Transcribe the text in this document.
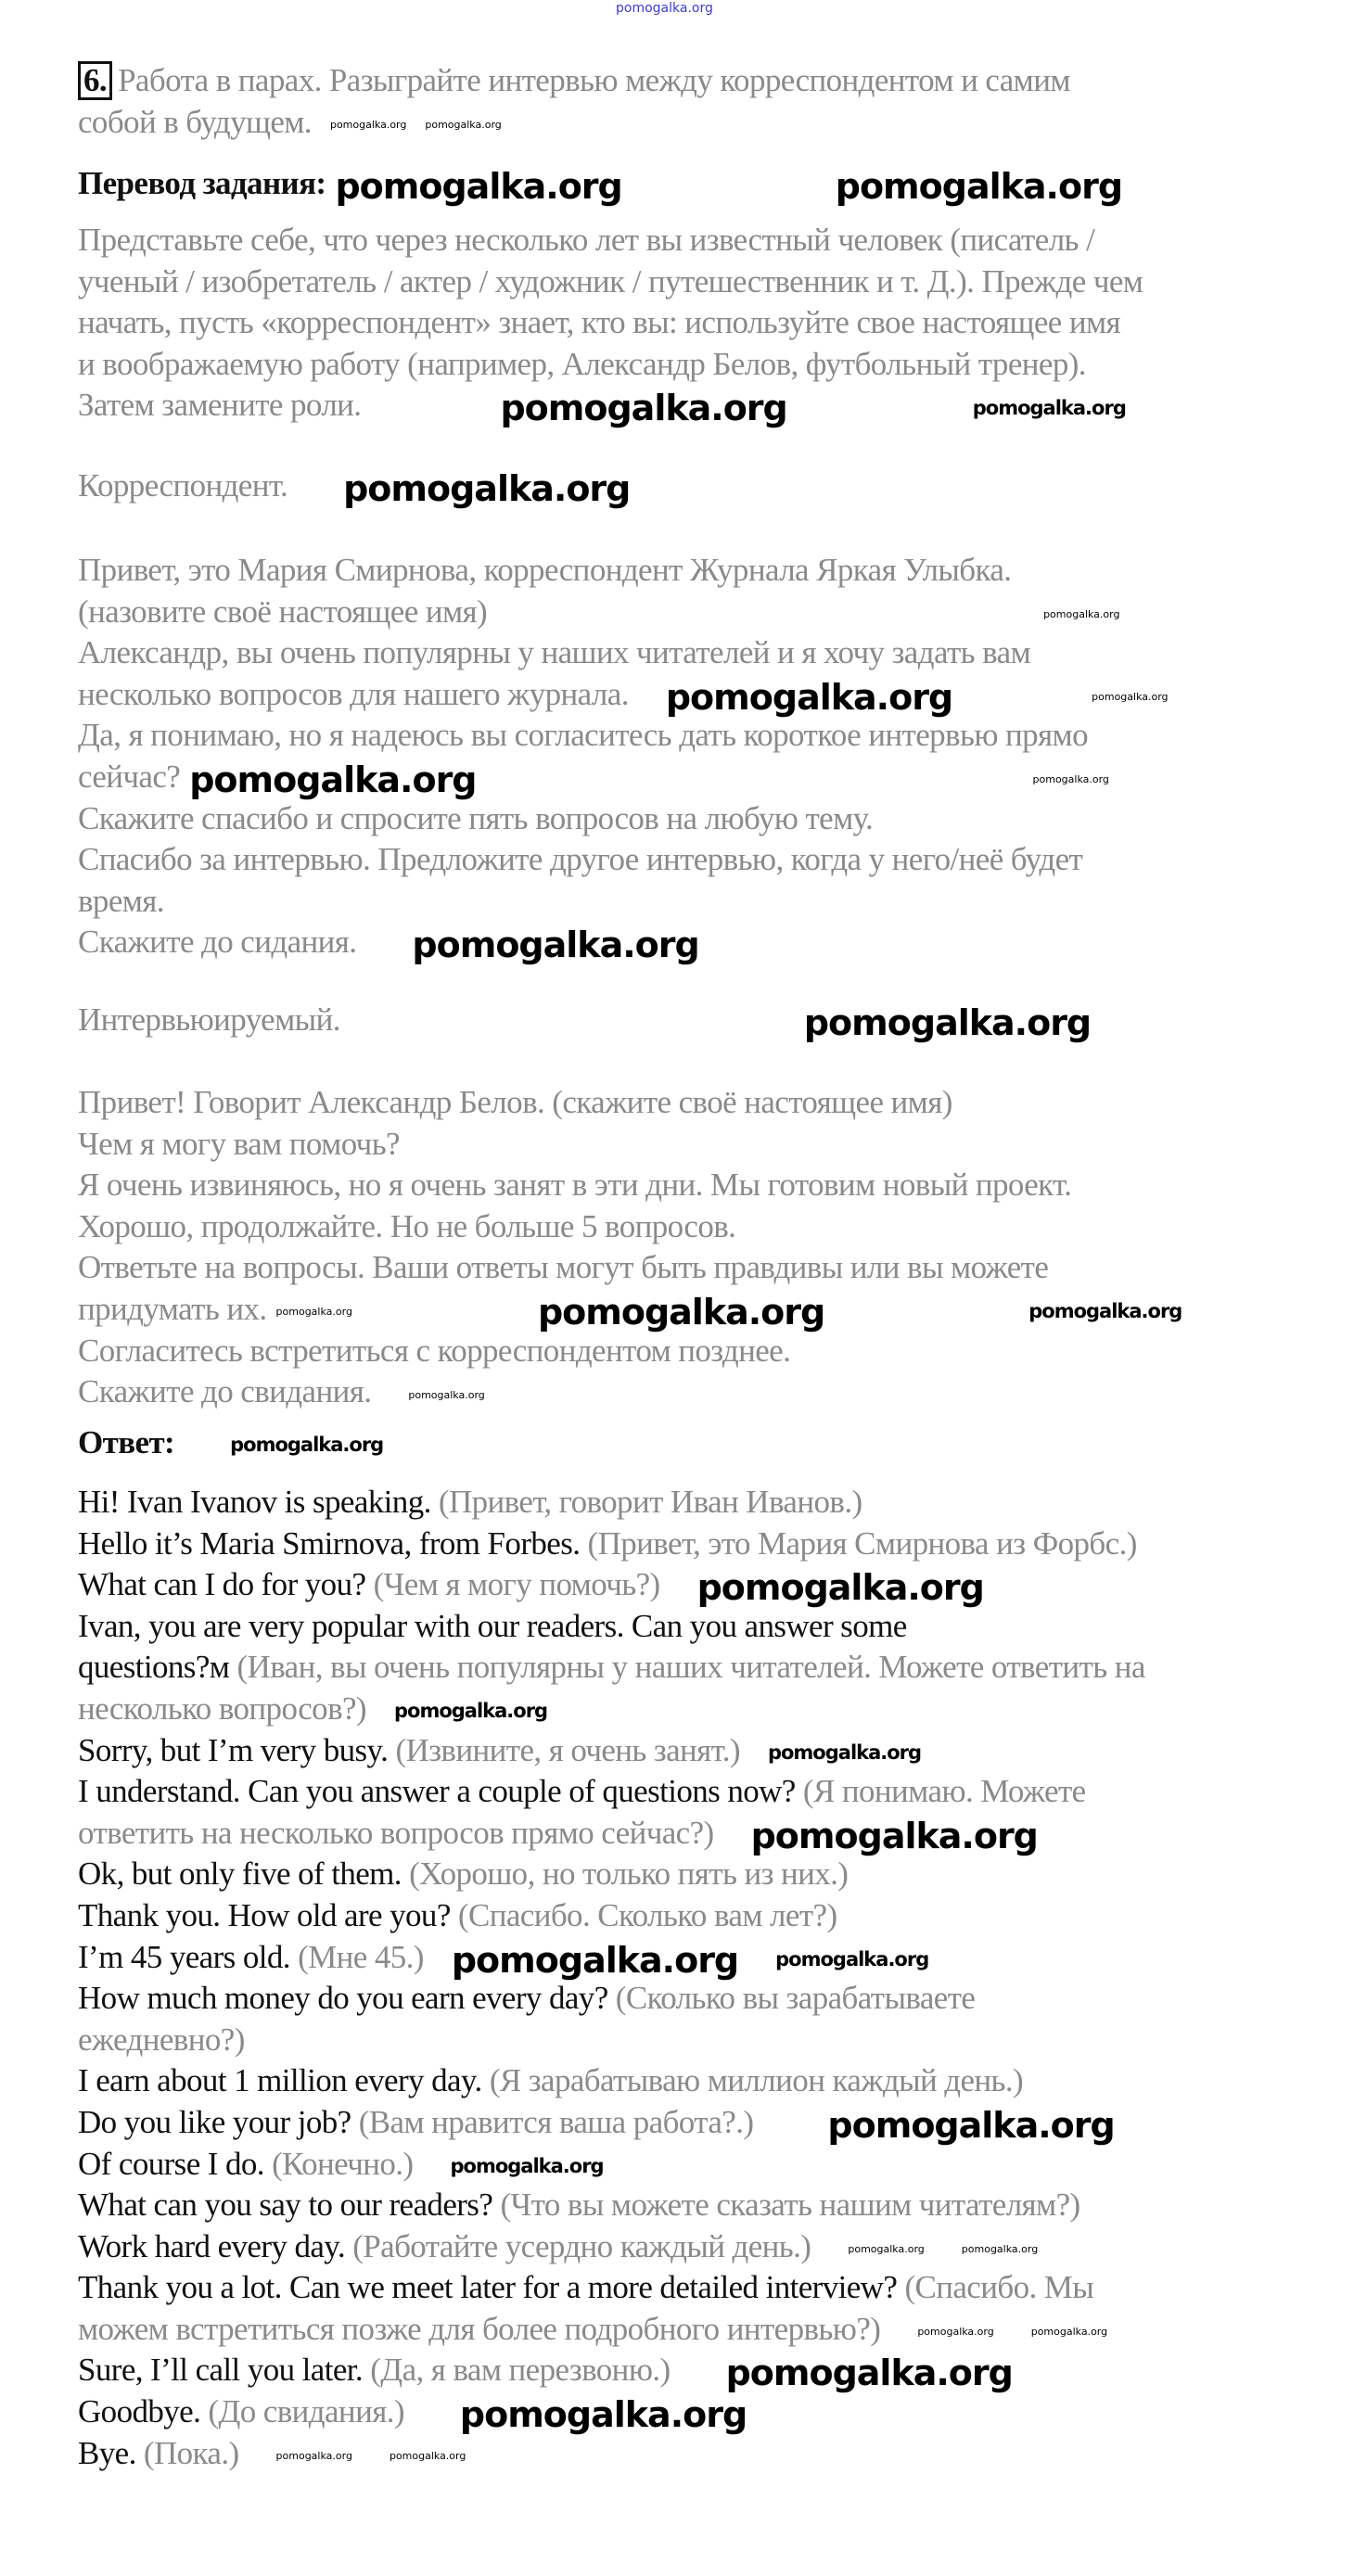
pomogalka.org
6. Работа в парах. Разыграйте интервью между корреспондентом и самим
собой в будущем. pomogalka.org pomogalka.org
Перевод задания: pomogalka.org	pomogalka.org
Представьте себе, что через несколько лет вы известный человек (писатель /
ученый / изобретатель / актер / художник / путешественник и т. Д.). Прежде чем
начать, пусть «корреспондент» знает, кто вы: используйте свое настоящее имя
и воображаемую работу (например, Александр Белов, футбольный тренер).
Затем замените роли.	pomogalka.org	pomogalka.org
Корреспондент. pomogalka.org
Привет, это Мария Смирнова, корреспондент Журнала Яркая Улыбка.
(назовите своё настоящее имя)	pomogalka.org
Александр, вы очень популярны у наших читателей и я хочу задать вам
несколько вопросов для нашего журнала. pomogalka.org	pomogalka.org
Да, я понимаю, но я надеюсь вы согласитесь дать короткое интервью прямо
сейчас? pomogalka.org	pomogalka.org
Скажите спасибо и спросите пять вопросов на любую тему.
Спасибо за интервью. Предложите другое интервью, когда у него/неё будет
время.
Скажите до сидания. pomogalka.org
Интервьюируемый.	pomogalka.org
Привет! Говорит Александр Белов. (скажите своё настоящее имя)
Чем я могу вам помочь?
Я очень извиняюсь, но я очень занят в эти дни. Мы готовим новый проект.
Хорошо, продолжайте. Но не больше 5 вопросов.
Ответьте на вопросы. Ваши ответы могут быть правдивы или вы можете
придумать их. pomogalka.org	pomogalka.org	pomogalka.org
Согласитесь встретиться с корреспондентом позднее.
Скажите до свидания.	pomogalka.org
Ответ:	pomogalka.org
Hi! Ivan Ivanov is speaking. (Привет, говорит Иван Иванов.)
Hello it’s Maria Smirnova, from Forbes. (Привет, это Мария Смирнова из Форбс.)
What can I do for you? (Чем я могу помочь?) pomogalka.org
Ivan, you are very popular with our readers. Can you answer some
questions?м (Иван, вы очень популярны у наших читателей. Можете ответить на
несколько вопросов?) pomogalka.org
Sorry, but I’m very busy. (Извините, я очень занят.) pomogalka.org
I understand. Can you answer a couple of questions now? (Я понимаю. Можете
ответить на несколько вопросов прямо сейчас?) pomogalka.org
Ok, but only five of them. (Хорошо, но только пять из них.)
Thank you. How old are you? (Спасибо. Сколько вам лет?)
I’m 45 years old. (Мне 45.) pomogalka.org pomogalka.org
How much money do you earn every day? (Сколько вы зарабатываете
ежедневно?)
I earn about 1 million every day. (Я зарабатываю миллион каждый день.)
Do you like your job? (Вам нравится ваша работа?.) pomogalka.org
Of course I do. (Конечно.) pomogalka.org
What can you say to our readers? (Что вы можете сказать нашим читателям?)
Work hard every day. (Работайте усердно каждый день.)	pomogalka.org	pomogalka.org
Thank you a lot. Can we meet later for a more detailed interview? (Спасибо. Мы
можем встретиться позже для более подробного интервью?)	pomogalka.org	pomogalka.org
Sure, I’ll call you later. (Да, я вам перезвоню.) pomogalka.org
Goodbye. (До свидания.) pomogalka.org
Bye. (Пока.)	pomogalka.org	pomogalka.org
